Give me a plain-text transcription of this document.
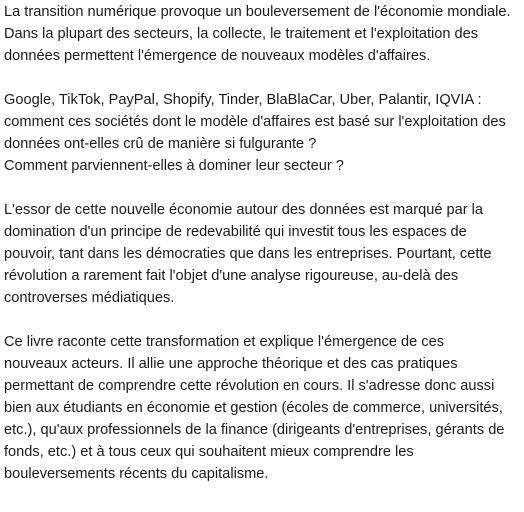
La transition numérique provoque un bouleversement de l'économie mondiale.
Dans la plupart des secteurs, la collecte, le traitement et l'exploitation des
données permettent l'émergence de nouveaux modèles d'affaires.

Google, TikTok, PayPal, Shopify, Tinder, BlaBlaCar, Uber, Palantir, IQVIA :
comment ces sociétés dont le modèle d'affaires est basé sur l'exploitation des
données ont-elles crû de manière si fulgurante ?
Comment parviennent-elles à dominer leur secteur ?

L'essor de cette nouvelle économie autour des données est marqué par la
domination d'un principe de redevabilité qui investit tous les espaces de
pouvoir, tant dans les démocraties que dans les entreprises. Pourtant, cette
révolution a rarement fait l'objet d'une analyse rigoureuse, au-delà des
controverses médiatiques.

Ce livre raconte cette transformation et explique l'émergence de ces
nouveaux acteurs. Il allie une approche théorique et des cas pratiques
permettant de comprendre cette révolution en cours. Il s'adresse donc aussi
bien aux étudiants en économie et gestion (écoles de commerce, universités,
etc.), qu'aux professionnels de la finance (dirigeants d'entreprises, gérants de
fonds, etc.) et à tous ceux qui souhaitent mieux comprendre les
bouleversements récents du capitalisme.
